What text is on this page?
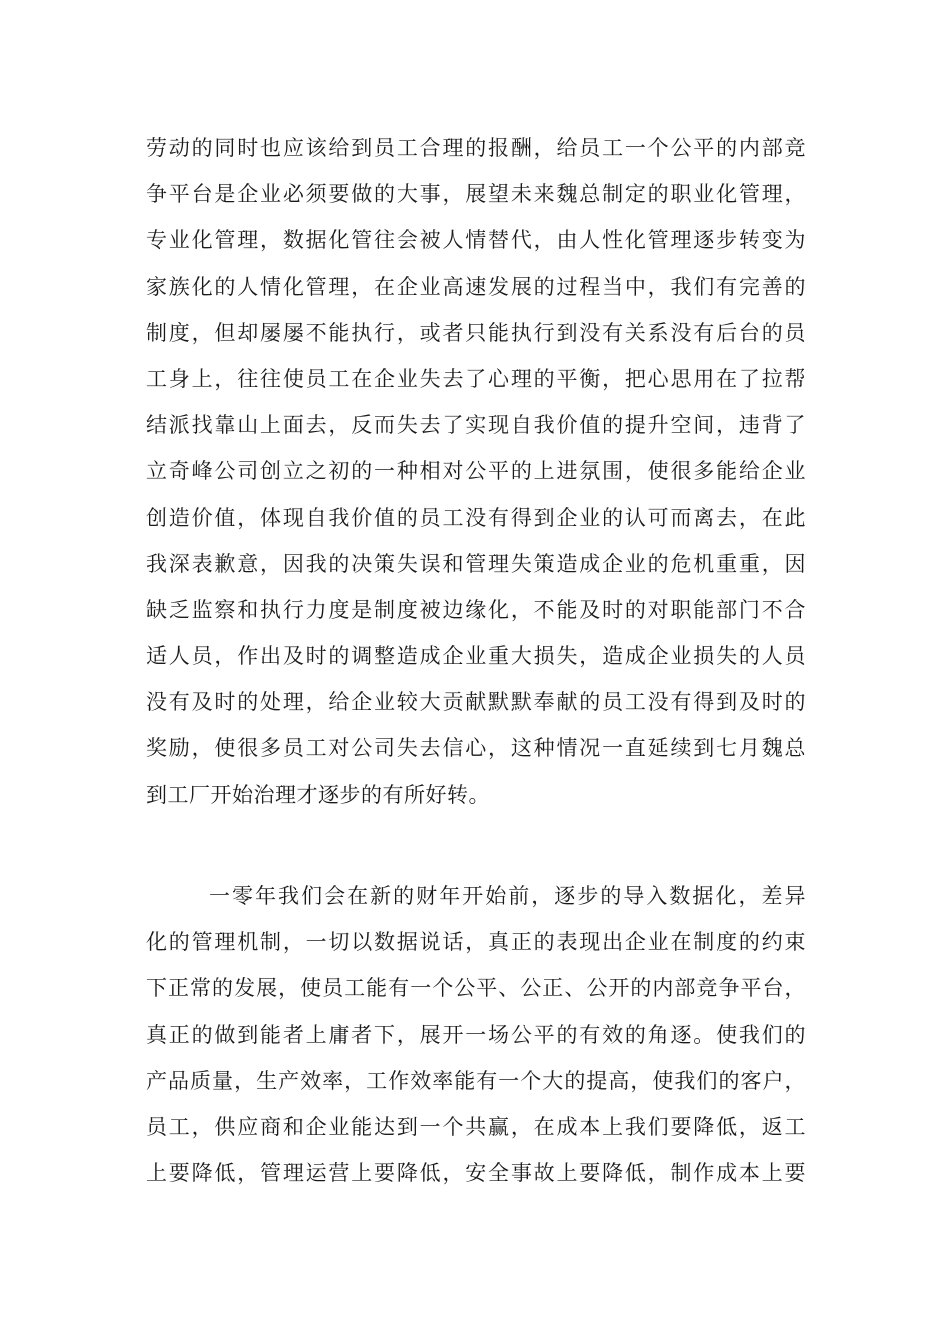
劳动的同时也应该给到员工合理的报酬，给员工一个公平的内部竞
争平台是企业必须要做的大事，展望未来魏总制定的职业化管理，
专业化管理，数据化管往会被人情替代，由人性化管理逐步转变为
家族化的人情化管理，在企业高速发展的过程当中，我们有完善的
制度，但却屡屡不能执行，或者只能执行到没有关系没有后台的员
工身上，往往使员工在企业失去了心理的平衡，把心思用在了拉帮
结派找靠山上面去，反而失去了实现自我价值的提升空间，违背了
立奇峰公司创立之初的一种相对公平的上进氛围，使很多能给企业
创造价值，体现自我价值的员工没有得到企业的认可而离去，在此
我深表歉意，因我的决策失误和管理失策造成企业的危机重重，因
缺乏监察和执行力度是制度被边缘化，不能及时的对职能部门不合
适人员，作出及时的调整造成企业重大损失，造成企业损失的人员
没有及时的处理，给企业较大贡献默默奉献的员工没有得到及时的
奖励，使很多员工对公司失去信心，这种情况一直延续到七月魏总
到工厂开始治理才逐步的有所好转。
一零年我们会在新的财年开始前，逐步的导入数据化，差异
化的管理机制，一切以数据说话，真正的表现出企业在制度的约束
下正常的发展，使员工能有一个公平、公正、公开的内部竞争平台，
真正的做到能者上庸者下，展开一场公平的有效的角逐。使我们的
产品质量，生产效率，工作效率能有一个大的提高，使我们的客户，
员工，供应商和企业能达到一个共赢，在成本上我们要降低，返工
上要降低，管理运营上要降低，安全事故上要降低，制作成本上要
